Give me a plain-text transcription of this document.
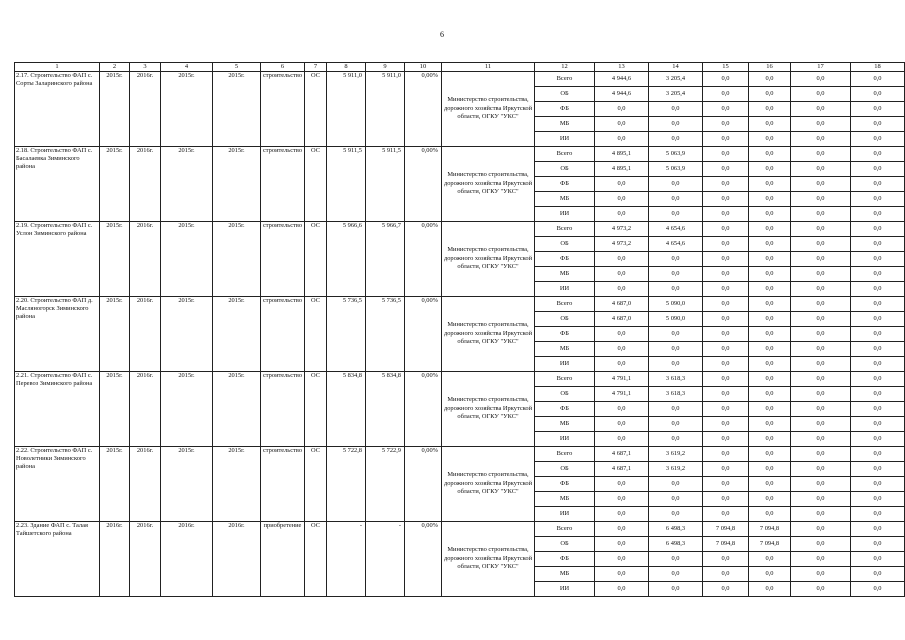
6
1	2	3	4	5	6	7	8	9	10	11	12	13	14	15	16	17	18
2.17. Строительство ФАП с. Сорты Заларинского района	2015г.	2016г.	2015г.	2015г.	строительство	ОС	5 911,0	5 911,0	0,00%	Министерство строительства, дорожного хозяйства Иркутской области, ОГКУ "УКС"	Всего	4 944,6	3 205,4	0,0	0,0	0,0	0,0
											ОБ	4 944,6	3 205,4	0,0	0,0	0,0	0,0
											ФБ	0,0	0,0	0,0	0,0	0,0	0,0
											МБ	0,0	0,0	0,0	0,0	0,0	0,0
											ИИ	0,0	0,0	0,0	0,0	0,0	0,0
2.18. Строительство ФАП с. Басалаевка Зиминского района	2015г.	2016г.	2015г.	2015г.	строительство	ОС	5 911,5	5 911,5	0,00%	Министерство строительства, дорожного хозяйства Иркутской области, ОГКУ "УКС"	Всего	4 895,1	5 063,9	0,0	0,0	0,0	0,0
											ОБ	4 895,1	5 063,9	0,0	0,0	0,0	0,0
											ФБ	0,0	0,0	0,0	0,0	0,0	0,0
											МБ	0,0	0,0	0,0	0,0	0,0	0,0
											ИИ	0,0	0,0	0,0	0,0	0,0	0,0
2.19. Строительство ФАП с. Услон Зиминского района	2015г.	2016г.	2015г.	2015г.	строительство	ОС	5 966,6	5 966,7	0,00%	Министерство строительства, дорожного хозяйства Иркутской области, ОГКУ "УКС"	Всего	4 973,2	4 654,6	0,0	0,0	0,0	0,0
											ОБ	4 973,2	4 654,6	0,0	0,0	0,0	0,0
											ФБ	0,0	0,0	0,0	0,0	0,0	0,0
											МБ	0,0	0,0	0,0	0,0	0,0	0,0
											ИИ	0,0	0,0	0,0	0,0	0,0	0,0
2.20. Строительство ФАП д. Масляногорск Зиминского района	2015г.	2016г.	2015г.	2015г.	строительство	ОС	5 736,5	5 736,5	0,00%	Министерство строительства, дорожного хозяйства Иркутской области, ОГКУ "УКС"	Всего	4 687,0	5 090,0	0,0	0,0	0,0	0,0
											ОБ	4 687,0	5 090,0	0,0	0,0	0,0	0,0
											ФБ	0,0	0,0	0,0	0,0	0,0	0,0
											МБ	0,0	0,0	0,0	0,0	0,0	0,0
											ИИ	0,0	0,0	0,0	0,0	0,0	0,0
2.21. Строительство ФАП с. Перевоз Зиминского района	2015г.	2016г.	2015г.	2015г.	строительство	ОС	5 834,8	5 834,8	0,00%	Министерство строительства, дорожного хозяйства Иркутской области, ОГКУ "УКС"	Всего	4 791,1	3 618,3	0,0	0,0	0,0	0,0
											ОБ	4 791,1	3 618,3	0,0	0,0	0,0	0,0
											ФБ	0,0	0,0	0,0	0,0	0,0	0,0
											МБ	0,0	0,0	0,0	0,0	0,0	0,0
											ИИ	0,0	0,0	0,0	0,0	0,0	0,0
2.22. Строительство ФАП с. Новолетники Зиминского района	2015г.	2016г.	2015г.	2015г.	строительство	ОС	5 722,8	5 722,9	0,00%	Министерство строительства, дорожного хозяйства Иркутской области, ОГКУ "УКС"	Всего	4 687,1	3 619,2	0,0	0,0	0,0	0,0
											ОБ	4 687,1	3 619,2	0,0	0,0	0,0	0,0
											ФБ	0,0	0,0	0,0	0,0	0,0	0,0
											МБ	0,0	0,0	0,0	0,0	0,0	0,0
											ИИ	0,0	0,0	0,0	0,0	0,0	0,0
2.23. Здание ФАП с. Талая Тайшетского района	2016г.	2016г.	2016г.	2016г.	приобретение	ОС	-	-	0,00%	Министерство строительства, дорожного хозяйства Иркутской области, ОГКУ "УКС"	Всего	0,0	6 498,3	7 094,8	7 094,8	0,0	0,0
											ОБ	0,0	6 498,3	7 094,8	7 094,8	0,0	0,0
											ФБ	0,0	0,0	0,0	0,0	0,0	0,0
											МБ	0,0	0,0	0,0	0,0	0,0	0,0
											ИИ	0,0	0,0	0,0	0,0	0,0	0,0
